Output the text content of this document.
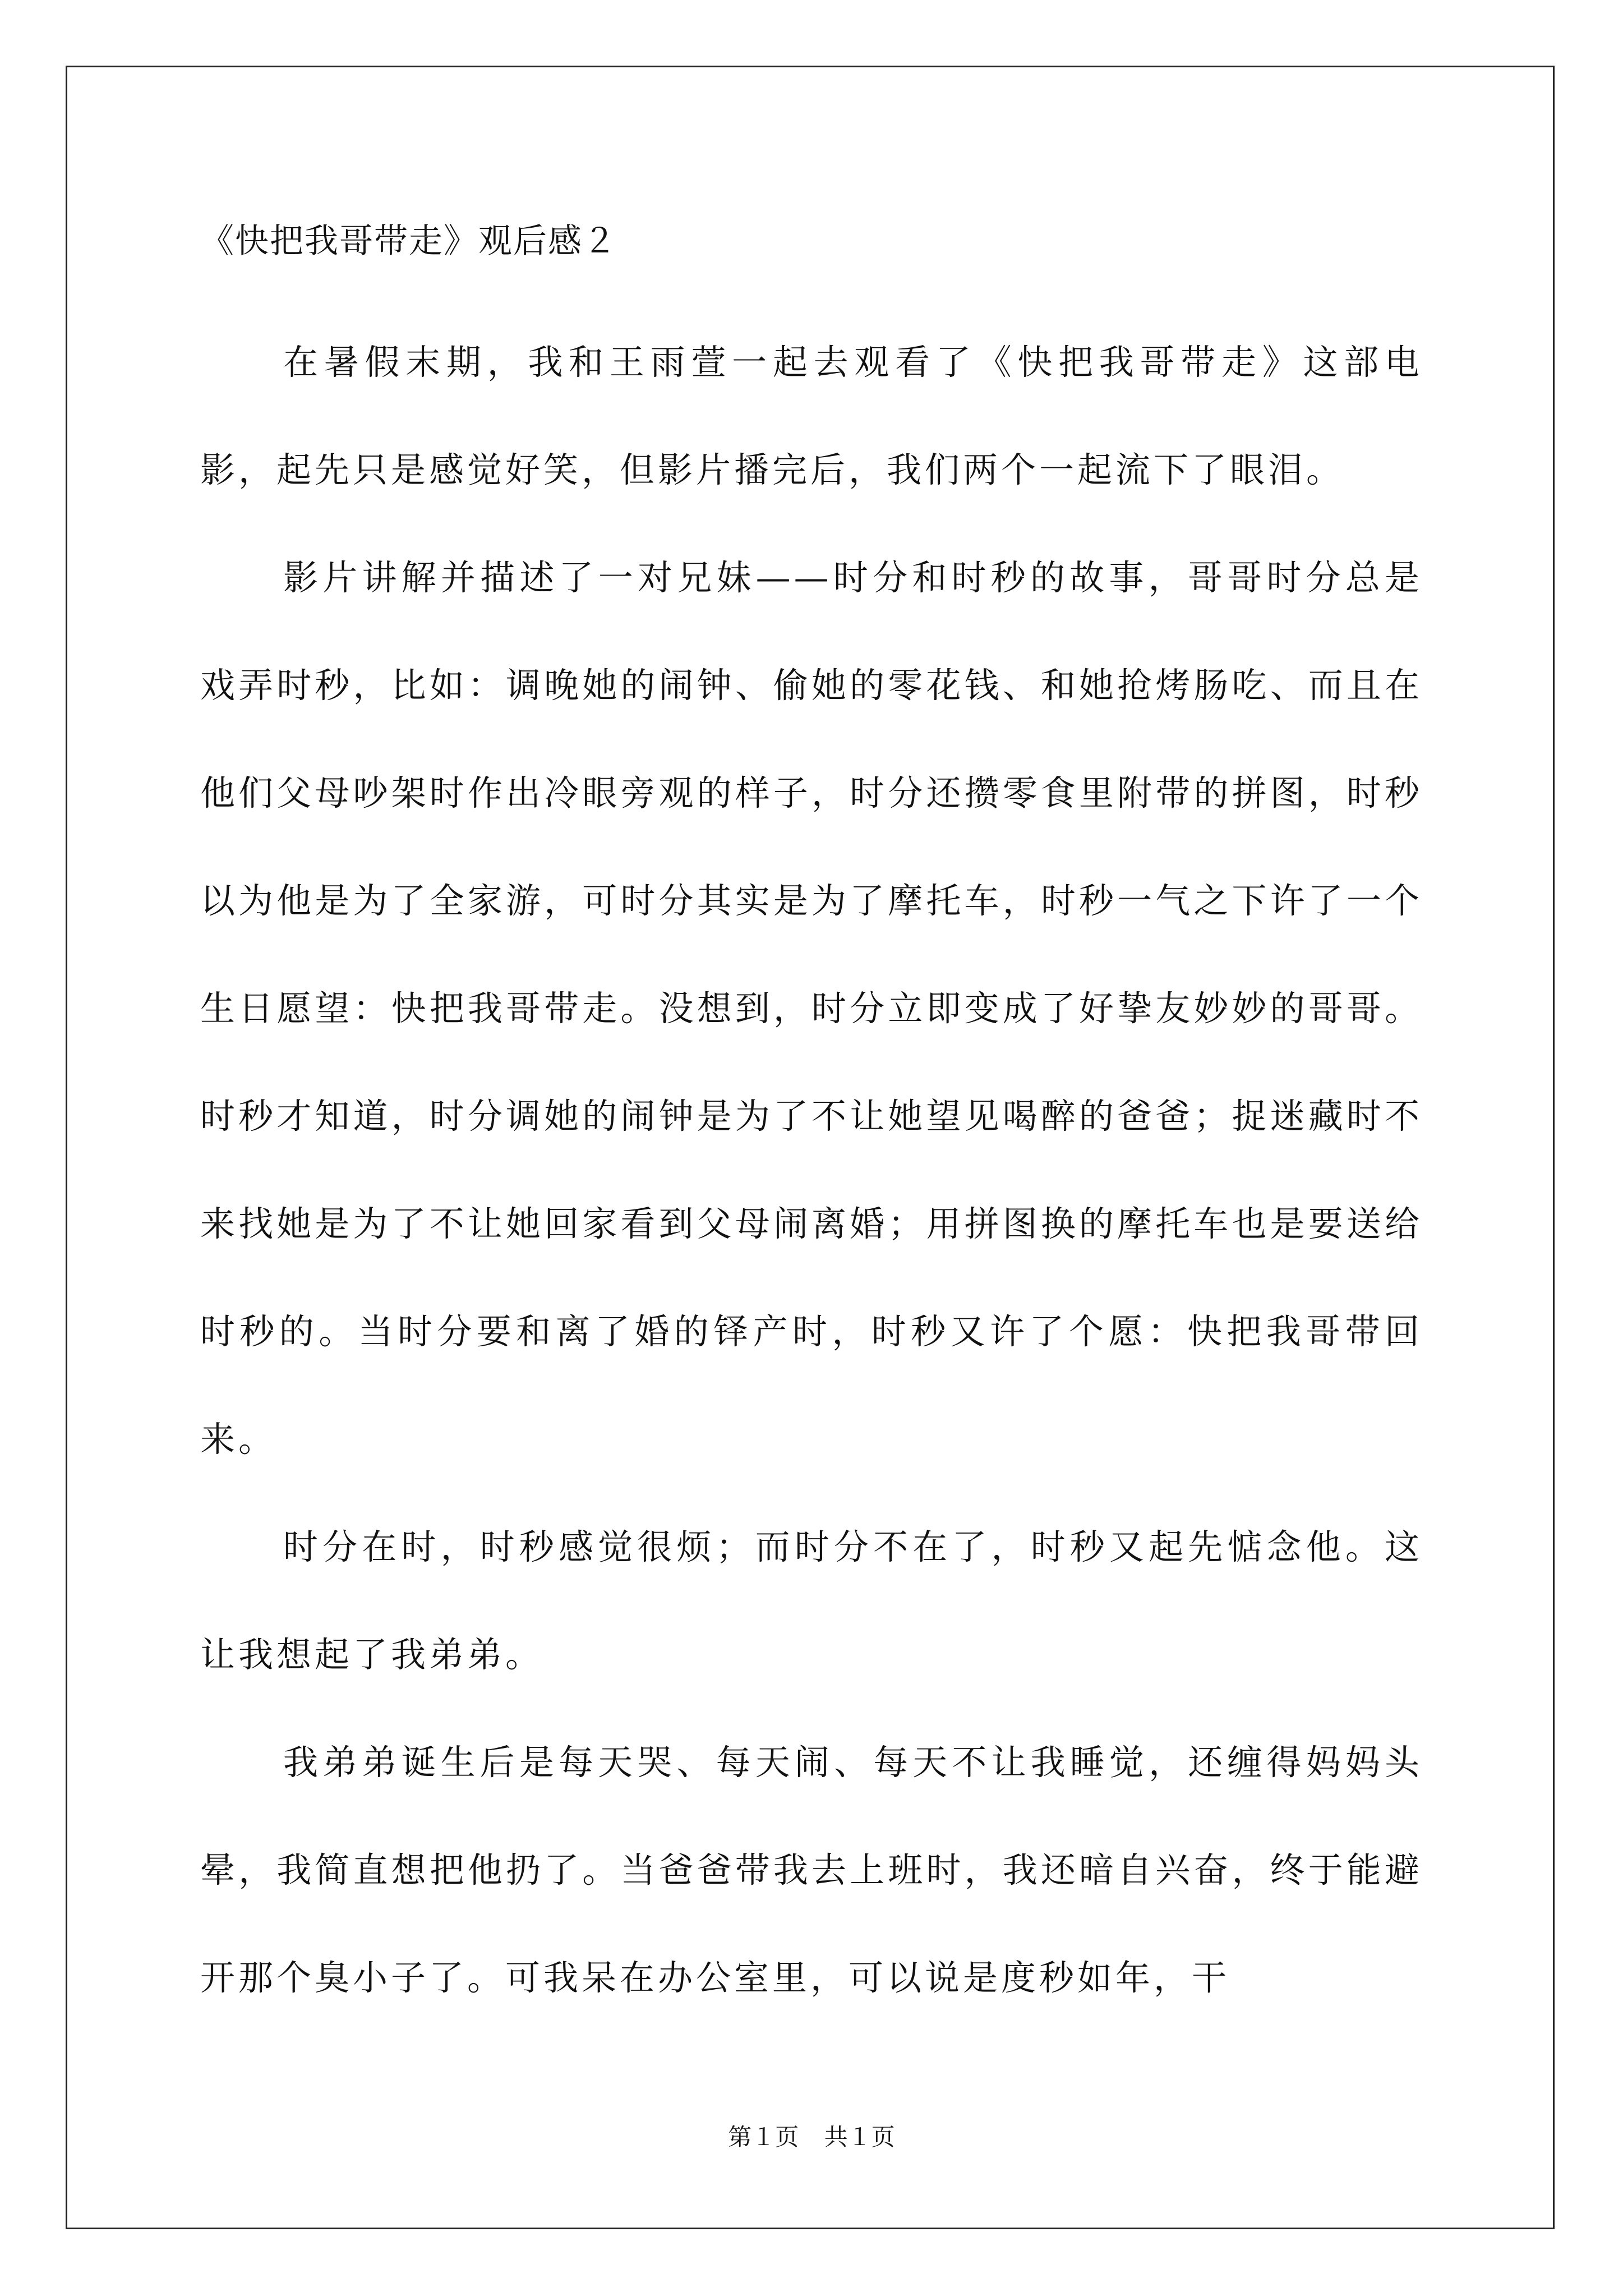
《快把我哥带走》观后感２

在暑假末期，我和王雨萱一起去观看了《快把我哥带走》这部电影，起先只是感觉好笑，但影片播完后，我们两个一起流下了眼泪。

影片讲解并描述了一对兄妹——时分和时秒的故事，哥哥时分总是戏弄时秒，比如：调晚她的闹钟、偷她的零花钱、和她抢烤肠吃、而且在他们父母吵架时作出冷眼旁观的样子，时分还攒零食里附带的拼图，时秒以为他是为了全家游，可时分其实是为了摩托车，时秒一气之下许了一个生日愿望：快把我哥带走。没想到，时分立即变成了好挚友妙妙的哥哥。时秒才知道，时分调她的闹钟是为了不让她望见喝醉的爸爸；捉迷藏时不来找她是为了不让她回家看到父母闹离婚；用拼图换的摩托车也是要送给时秒的。当时分要和离了婚的铎产时，时秒又许了个愿：快把我哥带回来。

时分在时，时秒感觉很烦；而时分不在了，时秒又起先惦念他。这让我想起了我弟弟。

我弟弟诞生后是每天哭、每天闹、每天不让我睡觉，还缠得妈妈头晕，我简直想把他扔了。当爸爸带我去上班时，我还暗自兴奋，终于能避开那个臭小子了。可我呆在办公室里，可以说是度秒如年，干

第１页 共１页
